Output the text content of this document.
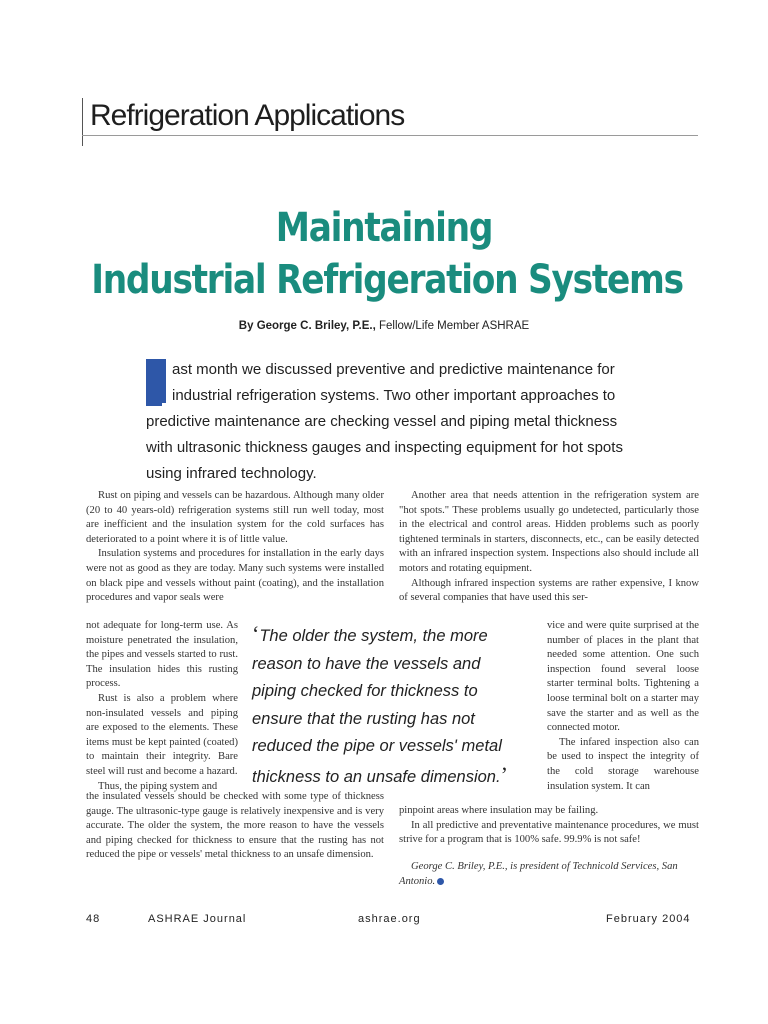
Refrigeration Applications
Maintaining
Industrial Refrigeration Systems
By George C. Briley, P.E., Fellow/Life Member ASHRAE
ast month we discussed preventive and predictive maintenance for
industrial refrigeration systems. Two other important approaches to
predictive maintenance are checking vessel and piping metal thickness
with ultrasonic thickness gauges and inspecting equipment for hot spots
using infrared technology.

Rust on piping and vessels can be hazardous. Although many older (20 to 40 years-old) refrigeration systems still run well today, most are inefficient and the insulation system for the cold surfaces has deteriorated to a point where it is of little value.

Insulation systems and procedures for installation in the early days were not as good as they are today. Many such systems were installed on black pipe and vessels without paint (coating), and the installation procedures and vapor seals were

not adequate for long-term use. As moisture penetrated the insulation, the pipes and vessels started to rust. The insulation hides this rusting process.

Rust is also a problem where non-insulated vessels and piping are exposed to the elements. These items must be kept painted (coated) to maintain their integrity. Bare steel will rust and become a hazard.

Thus, the piping system and

the insulated vessels should be checked with some type of thickness gauge. The ultrasonic-type gauge is relatively inexpensive and is very accurate. The older the system, the more reason to have the vessels and piping checked for thickness to ensure that the rusting has not reduced the pipe or vessels' metal thickness to an unsafe dimension.

Another area that needs attention in the refrigeration system are "hot spots." These problems usually go undetected, particularly those in the electrical and control areas. Hidden problems such as poorly tightened terminals in starters, disconnects, etc., can be easily detected with an infrared inspection system. Inspections also should include all motors and rotating equipment.

Although infrared inspection systems are rather expensive, I know of several companies that have used this ser-

vice and were quite surprised at the number of places in the plant that needed some attention. One such inspection found several loose starter terminal bolts. Tightening a loose terminal bolt on a starter may save the starter and as well as the connected motor.

The infared inspection also can be used to inspect the integrity of the cold storage warehouse insulation system. It can

pinpoint areas where insulation may be failing.

In all predictive and preventative maintenance procedures, we must strive for a program that is 100% safe. 99.9% is not safe!

George C. Briley, P.E., is president of Technicold Services, San Antonio.
‘The older the system, the more
reason to have the vessels and
piping checked for thickness to
ensure that the rusting has not
reduced the pipe or vessels' metal
thickness to an unsafe dimension.’
48	ASHRAE Journal	ashrae.org	February 2004
